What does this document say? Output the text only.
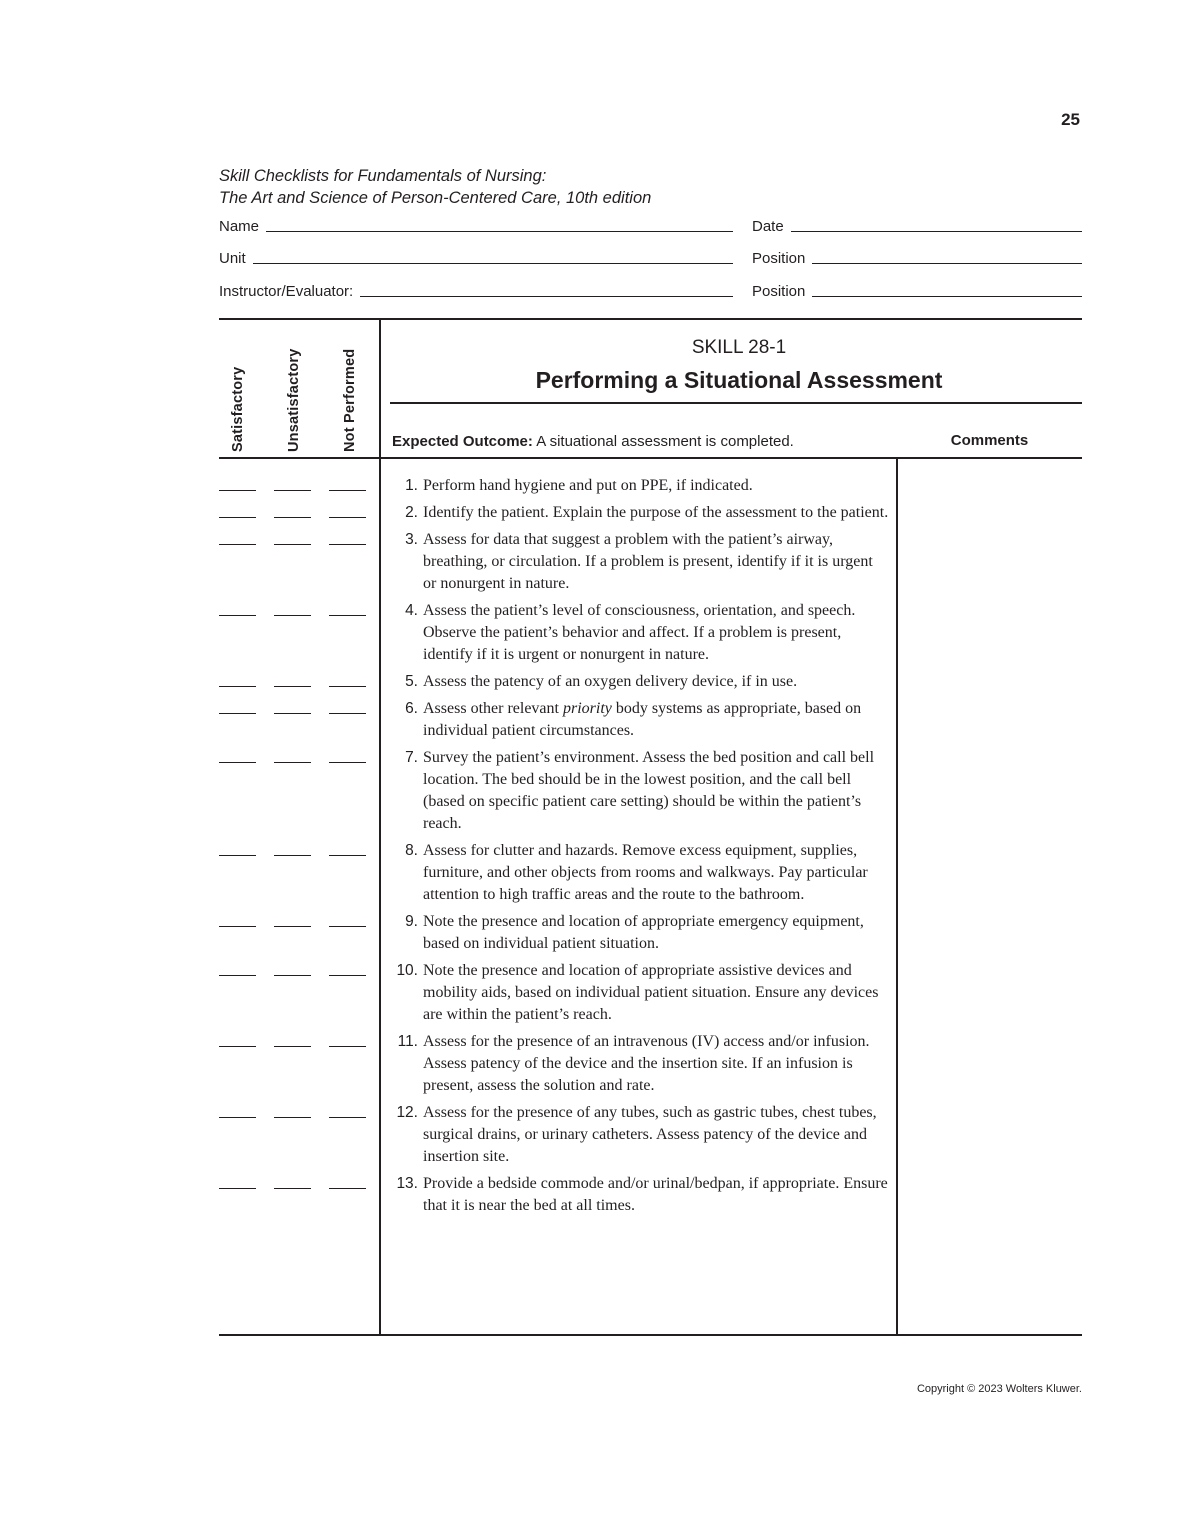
25
Skill Checklists for Fundamentals of Nursing:
The Art and Science of Person-Centered Care, 10th edition
Name	Date
Unit	Position
Instructor/Evaluator:	Position
Satisfactory	Unsatisfactory	Not Performed
SKILL 28-1
Performing a Situational Assessment
Expected Outcome: A situational assessment is completed.	Comments
1. Perform hand hygiene and put on PPE, if indicated.
2. Identify the patient. Explain the purpose of the assessment to the patient.
3. Assess for data that suggest a problem with the patient’s airway, breathing, or circulation. If a problem is present, identify if it is urgent or nonurgent in nature.
4. Assess the patient’s level of consciousness, orientation, and speech. Observe the patient’s behavior and affect. If a problem is present, identify if it is urgent or nonurgent in nature.
5. Assess the patency of an oxygen delivery device, if in use.
6. Assess other relevant priority body systems as appropriate, based on individual patient circumstances.
7. Survey the patient’s environment. Assess the bed position and call bell location. The bed should be in the lowest position, and the call bell (based on specific patient care setting) should be within the patient’s reach.
8. Assess for clutter and hazards. Remove excess equipment, supplies, furniture, and other objects from rooms and walkways. Pay particular attention to high traffic areas and the route to the bathroom.
9. Note the presence and location of appropriate emergency equipment, based on individual patient situation.
10. Note the presence and location of appropriate assistive devices and mobility aids, based on individual patient situation. Ensure any devices are within the patient’s reach.
11. Assess for the presence of an intravenous (IV) access and/or infusion. Assess patency of the device and the insertion site. If an infusion is present, assess the solution and rate.
12. Assess for the presence of any tubes, such as gastric tubes, chest tubes, surgical drains, or urinary catheters. Assess patency of the device and insertion site.
13. Provide a bedside commode and/or urinal/bedpan, if appropriate. Ensure that it is near the bed at all times.
Copyright © 2023 Wolters Kluwer.
